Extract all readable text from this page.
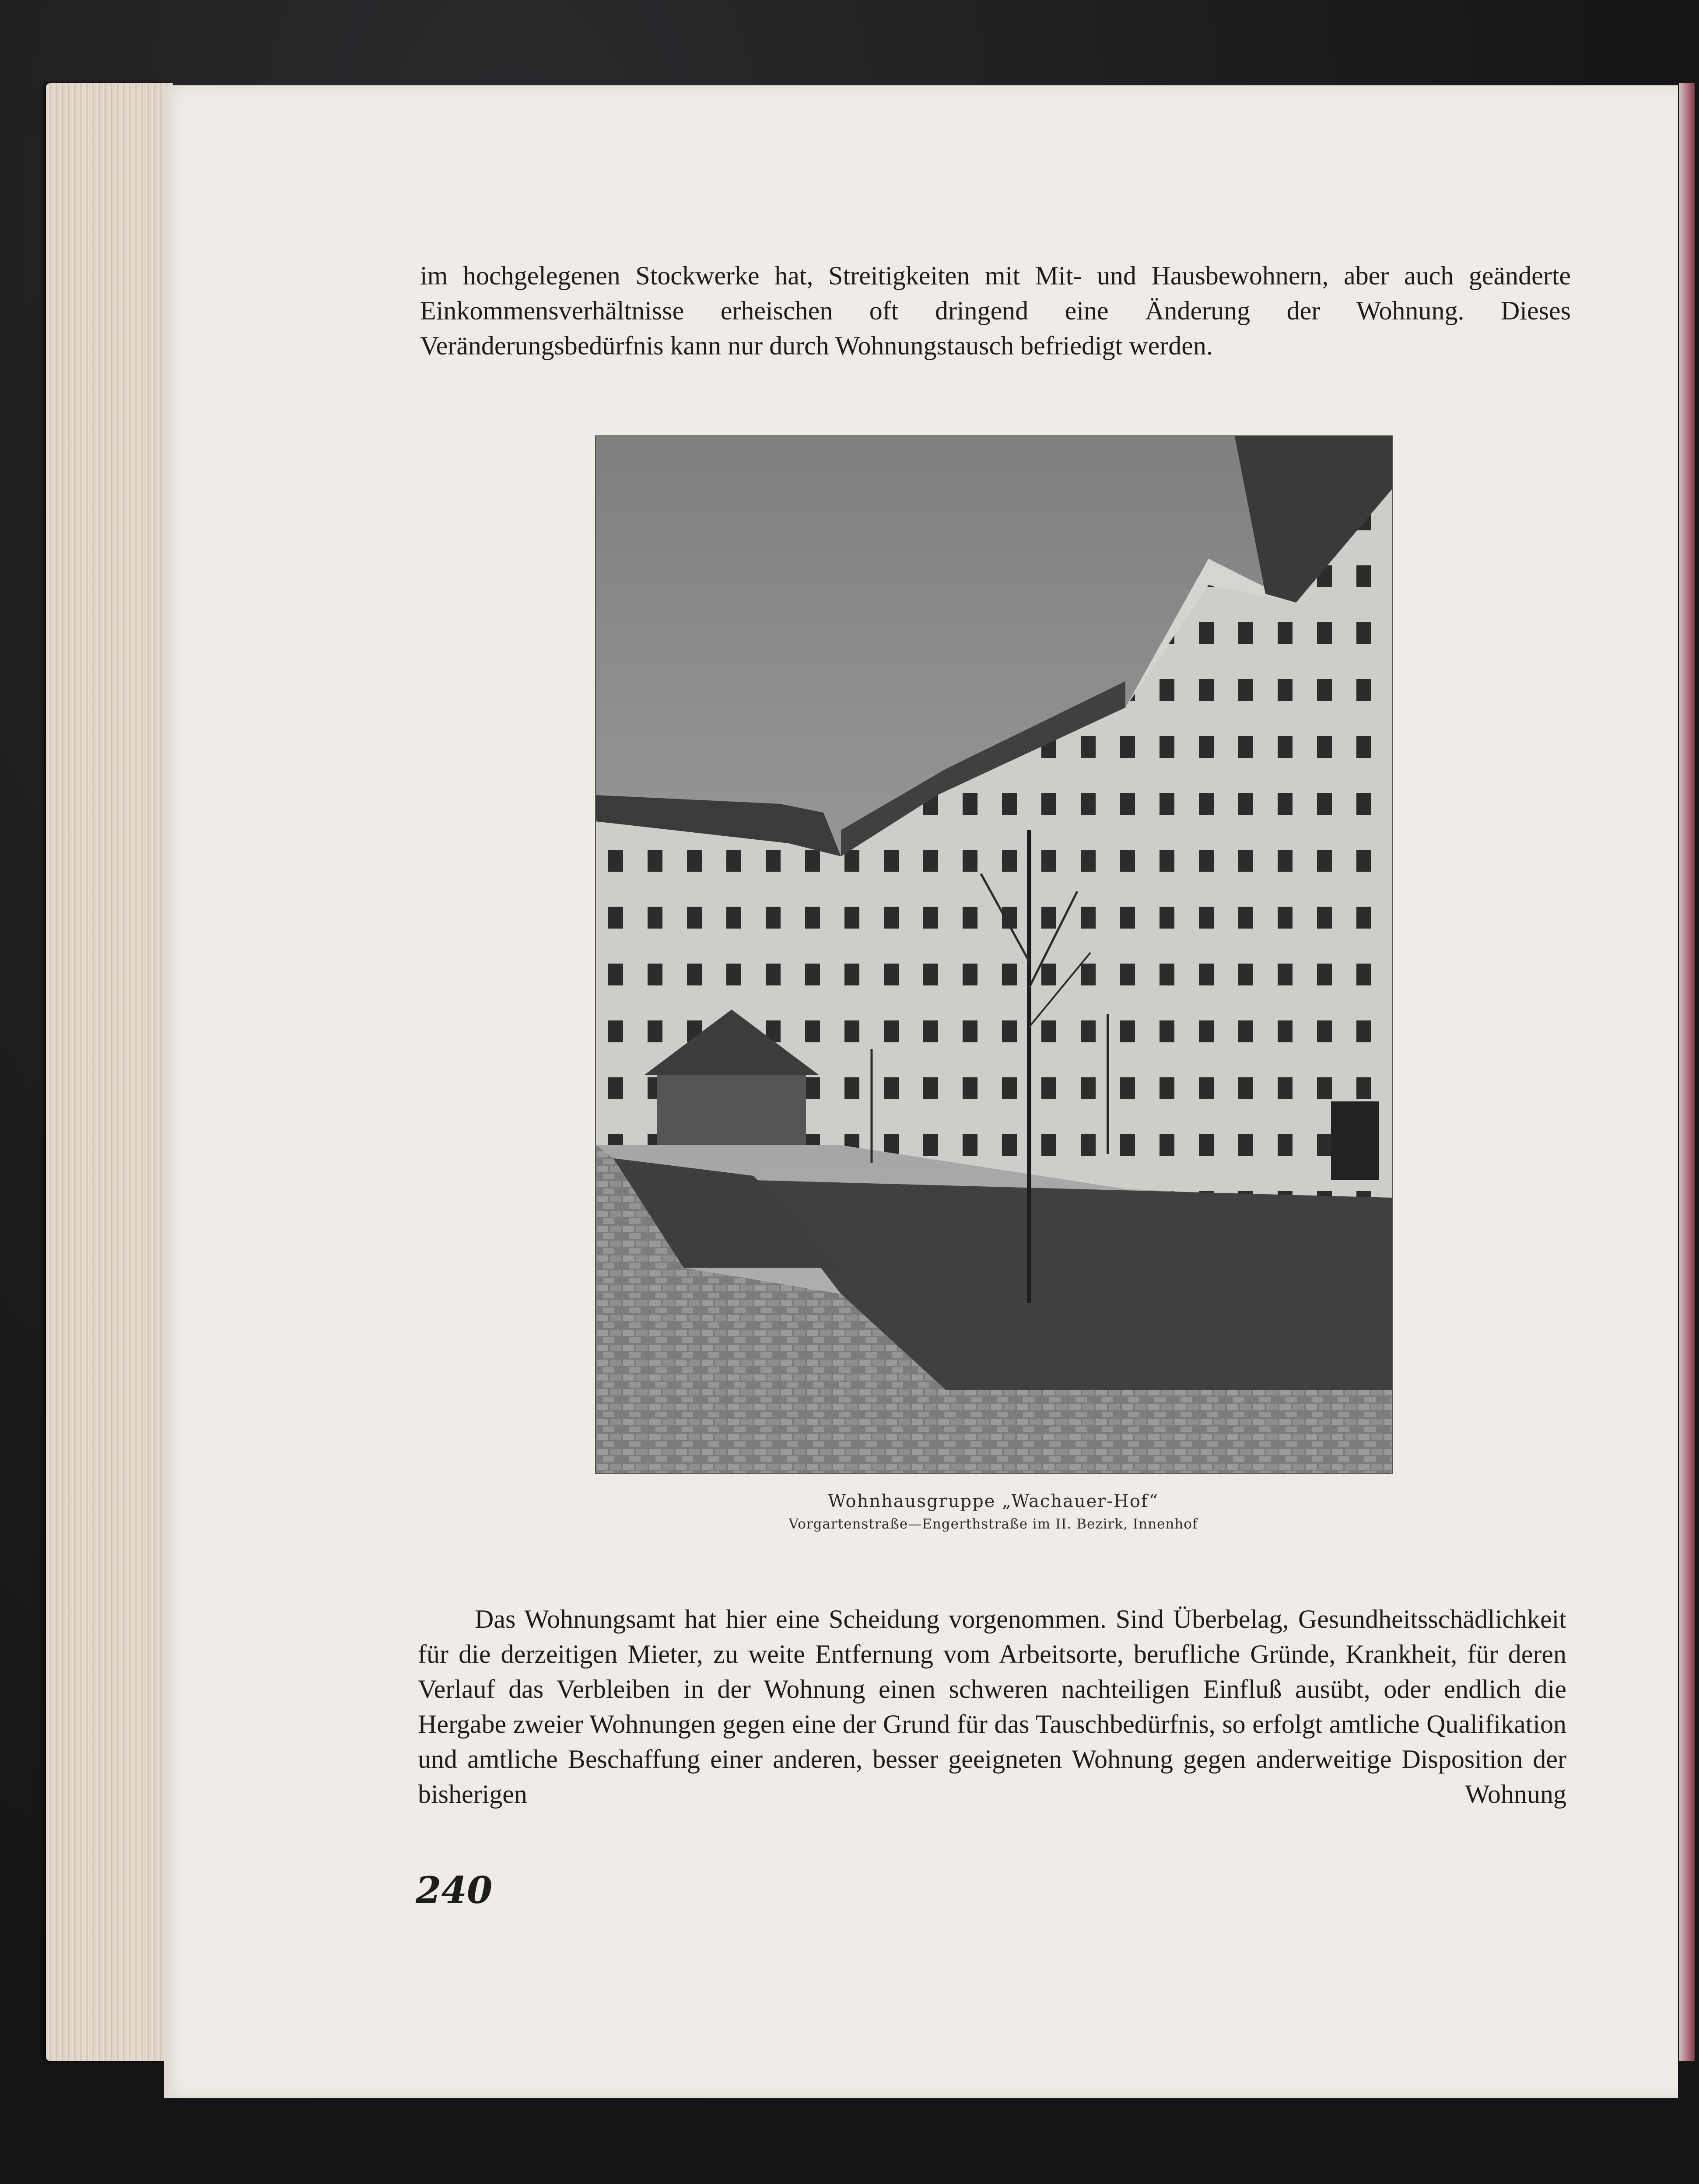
im hochgelegenen Stockwerke hat, Streitigkeiten mit Mit- und Hausbewohnern, aber auch geänderte Einkommensverhältnisse erheischen oft dringend eine Änderung der Wohnung. Dieses Veränderungsbedürfnis kann nur durch Wohnungstausch befriedigt werden.

Wohnhausgruppe „Wachauer-Hof“

Vorgartenstraße—Engerthstraße im II. Bezirk, Innenhof

Das Wohnungsamt hat hier eine Scheidung vorgenommen. Sind Überbelag, Gesundheitsschädlichkeit für die derzeitigen Mieter, zu weite Entfernung vom Arbeitsorte, berufliche Gründe, Krankheit, für deren Verlauf das Verbleiben in der Wohnung einen schweren nachteiligen Einfluß ausübt, oder endlich die Hergabe zweier Wohnungen gegen eine der Grund für das Tauschbedürfnis, so erfolgt amtliche Qualifikation und amtliche Beschaffung einer anderen, besser geeigneten Wohnung gegen anderweitige Disposition der bisherigen Wohnung

240
